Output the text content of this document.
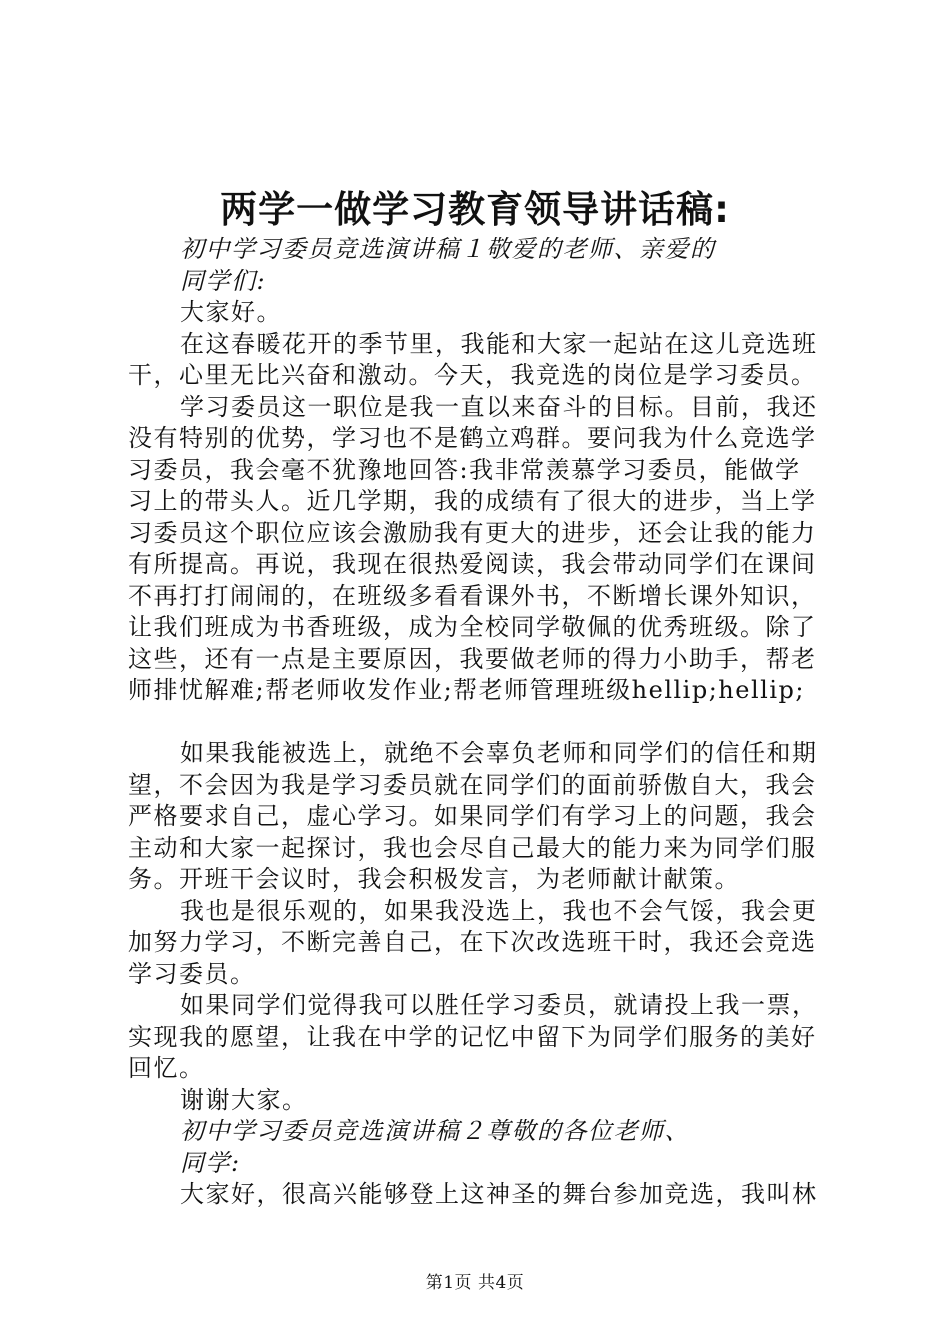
两学一做学习教育领导讲话稿:
初中学习委员竞选演讲稿１敬爱的老师、亲爱的
同学们:
大家好。
在这春暖花开的季节里，我能和大家一起站在这儿竞选班
干，心里无比兴奋和激动。今天，我竞选的岗位是学习委员。
学习委员这一职位是我一直以来奋斗的目标。目前，我还
没有特别的优势，学习也不是鹤立鸡群。要问我为什么竞选学
习委员，我会毫不犹豫地回答:我非常羡慕学习委员，能做学
习上的带头人。近几学期，我的成绩有了很大的进步，当上学
习委员这个职位应该会激励我有更大的进步，还会让我的能力
有所提高。再说，我现在很热爱阅读，我会带动同学们在课间
不再打打闹闹的，在班级多看看课外书，不断增长课外知识，
让我们班成为书香班级，成为全校同学敬佩的优秀班级。除了
这些，还有一点是主要原因，我要做老师的得力小助手，帮老
师排忧解难;帮老师收发作业;帮老师管理班级hellip;hellip;
如果我能被选上，就绝不会辜负老师和同学们的信任和期
望，不会因为我是学习委员就在同学们的面前骄傲自大，我会
严格要求自己，虚心学习。如果同学们有学习上的问题，我会
主动和大家一起探讨，我也会尽自己最大的能力来为同学们服
务。开班干会议时，我会积极发言，为老师献计献策。
我也是很乐观的，如果我没选上，我也不会气馁，我会更
加努力学习，不断完善自己，在下次改选班干时，我还会竞选
学习委员。
如果同学们觉得我可以胜任学习委员，就请投上我一票，
实现我的愿望，让我在中学的记忆中留下为同学们服务的美好
回忆。
谢谢大家。
初中学习委员竞选演讲稿２尊敬的各位老师、
同学:
大家好，很高兴能够登上这神圣的舞台参加竞选，我叫林
第1页 共4页
